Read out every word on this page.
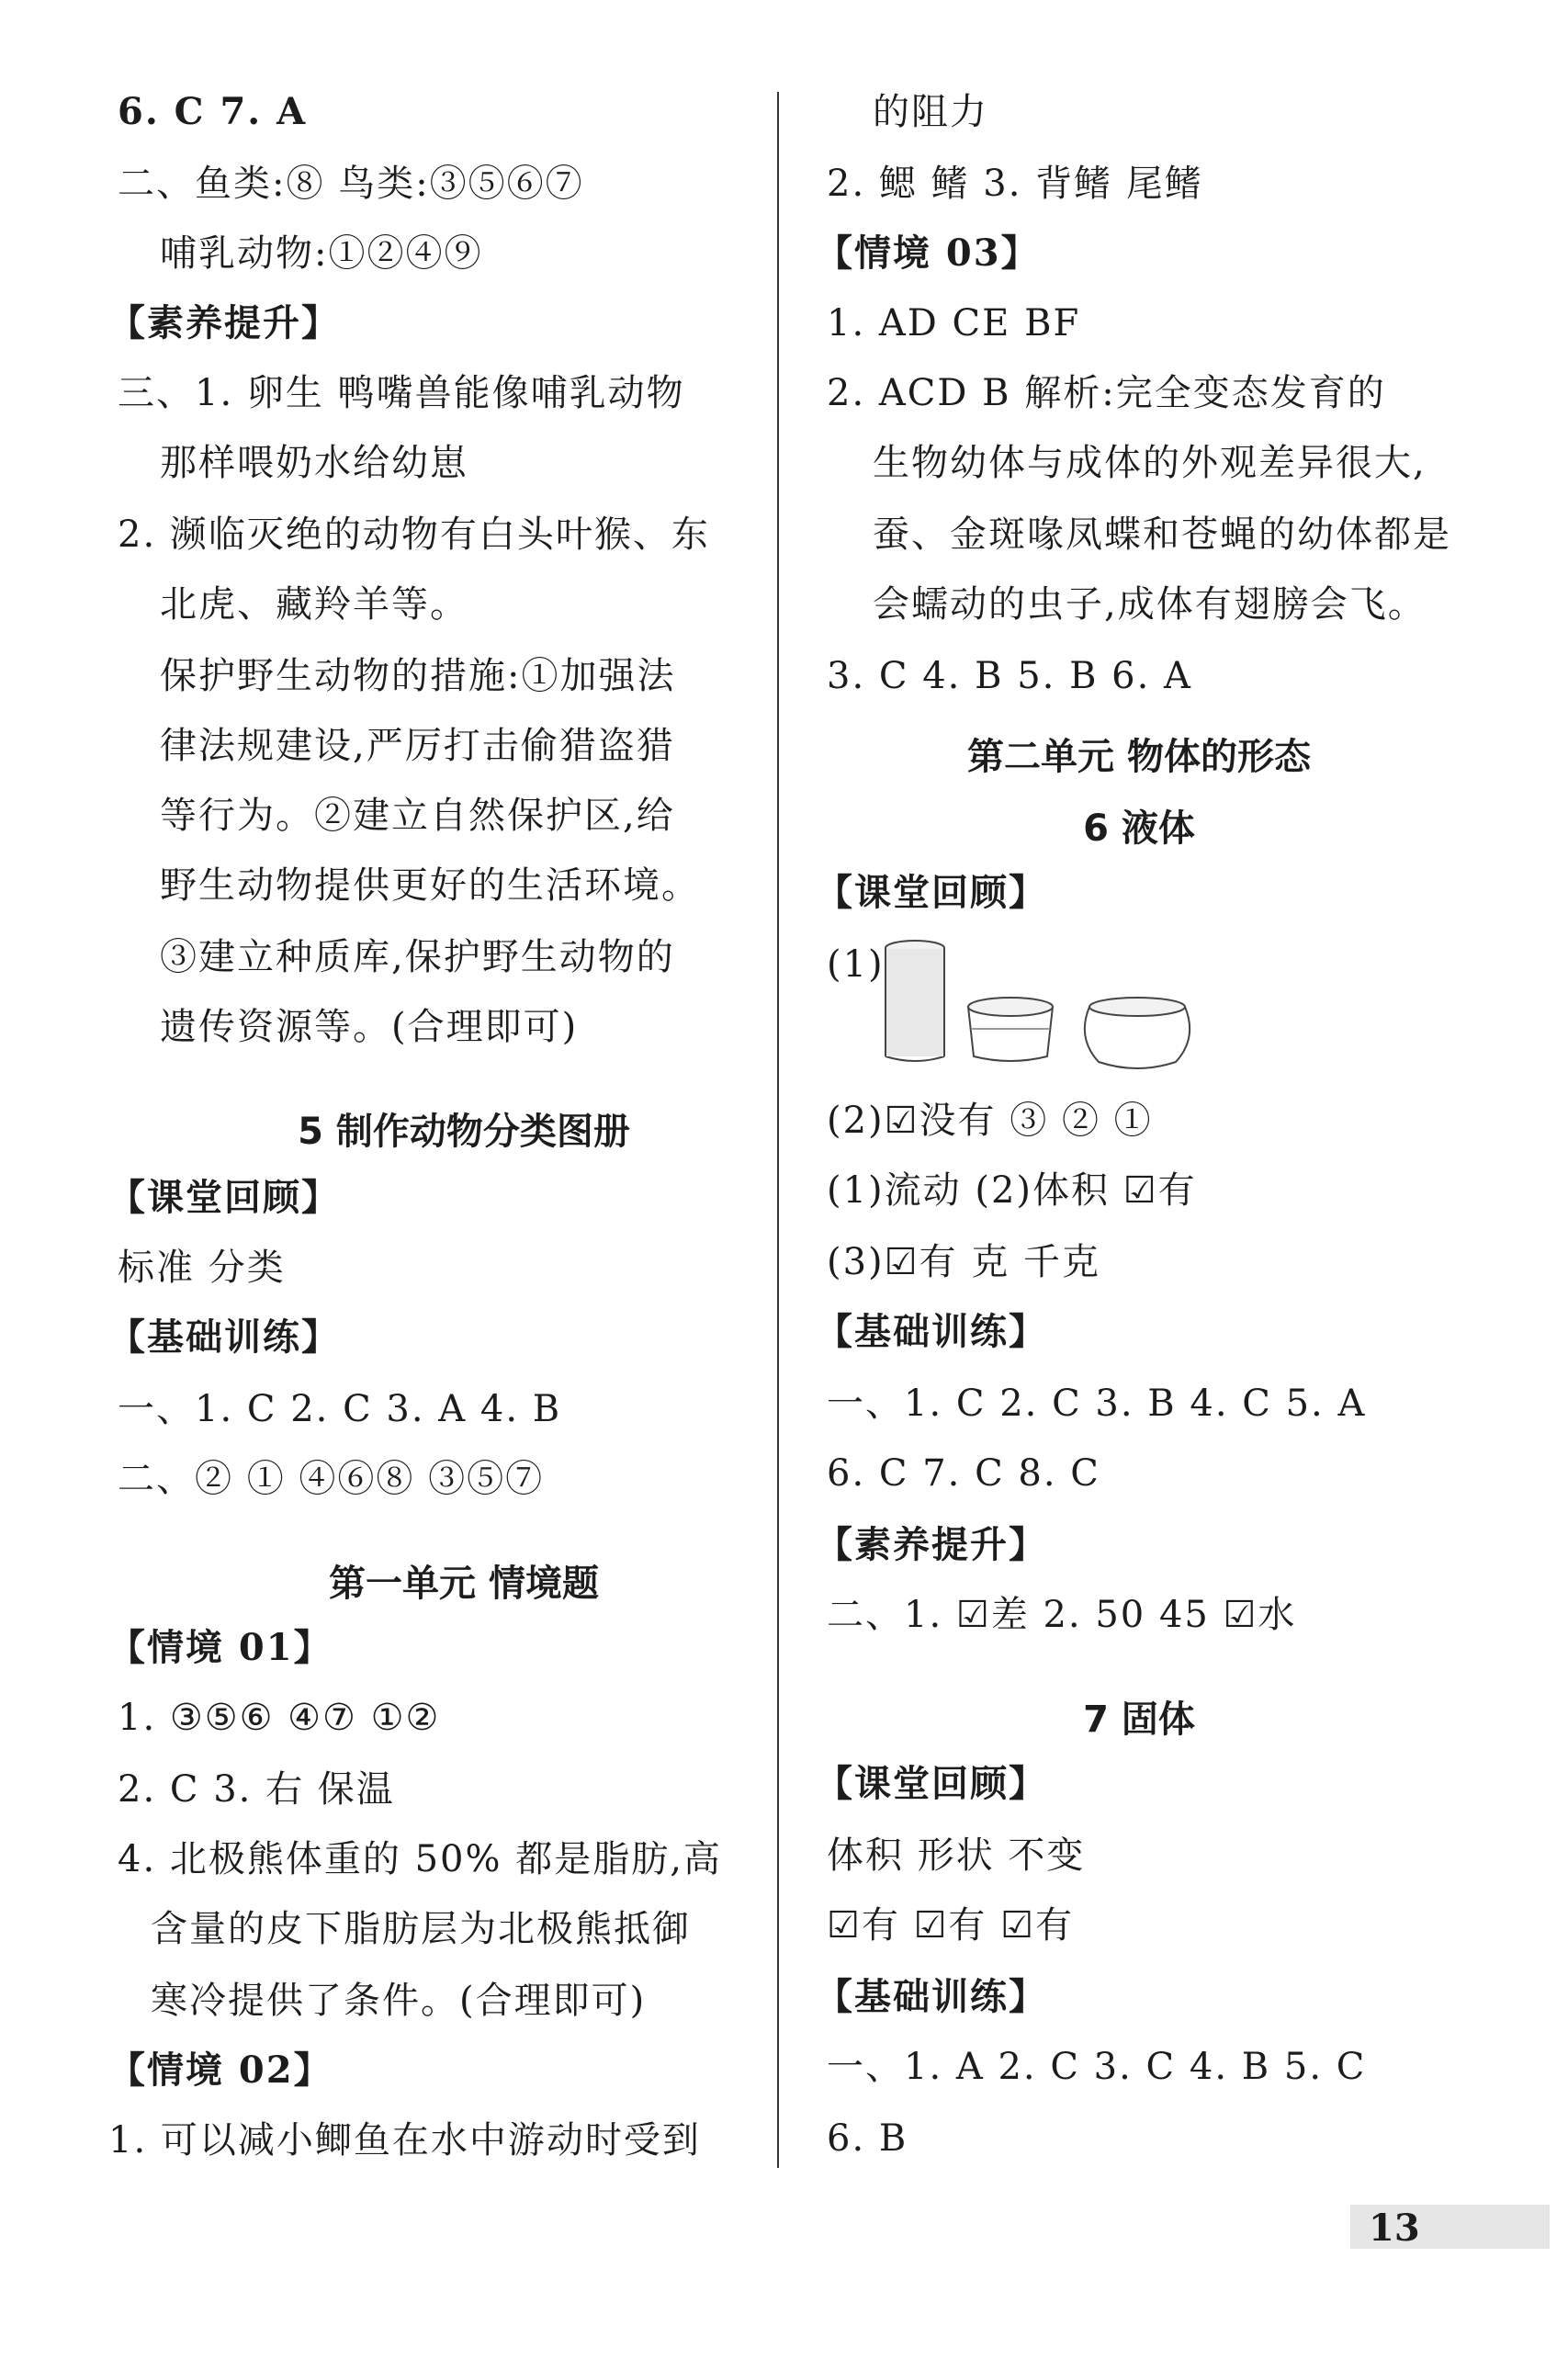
6. C 7. A
二、鱼类:⑧ 鸟类:③⑤⑥⑦
哺乳动物:①②④⑨
【素养提升】
三、1. 卵生 鸭嘴兽能像哺乳动物
那样喂奶水给幼崽
2. 濒临灭绝的动物有白头叶猴、东
北虎、藏羚羊等。
保护野生动物的措施:①加强法
律法规建设,严厉打击偷猎盗猎
等行为。②建立自然保护区,给
野生动物提供更好的生活环境。
③建立种质库,保护野生动物的
遗传资源等。(合理即可)
5 制作动物分类图册
【课堂回顾】
标准 分类
【基础训练】
一、1. C 2. C 3. A 4. B
二、② ① ④⑥⑧ ③⑤⑦
第一单元 情境题
【情境 01】
1. ③⑤⑥ ④⑦ ①②
2. C 3. 右 保温
4. 北极熊体重的 50% 都是脂肪,高
含量的皮下脂肪层为北极熊抵御
寒冷提供了条件。(合理即可)
【情境 02】
1. 可以减小鲫鱼在水中游动时受到
的阻力
2. 鳃 鳍 3. 背鳍 尾鳍
【情境 03】
1. AD CE BF
2. ACD B 解析:完全变态发育的
生物幼体与成体的外观差异很大,
蚕、金斑喙凤蝶和苍蝇的幼体都是
会蠕动的虫子,成体有翅膀会飞。
3. C 4. B 5. B 6. A
第二单元 物体的形态
6 液体
【课堂回顾】
(1)
(2)☑没有 ③ ② ①
(1)流动 (2)体积 ☑有
(3)☑有 克 千克
【基础训练】
一、1. C 2. C 3. B 4. C 5. A
6. C 7. C 8. C
【素养提升】
二、1. ☑差 2. 50 45 ☑水
7 固体
【课堂回顾】
体积 形状 不变
☑有 ☑有 ☑有
【基础训练】
一、1. A 2. C 3. C 4. B 5. C
6. B
13
